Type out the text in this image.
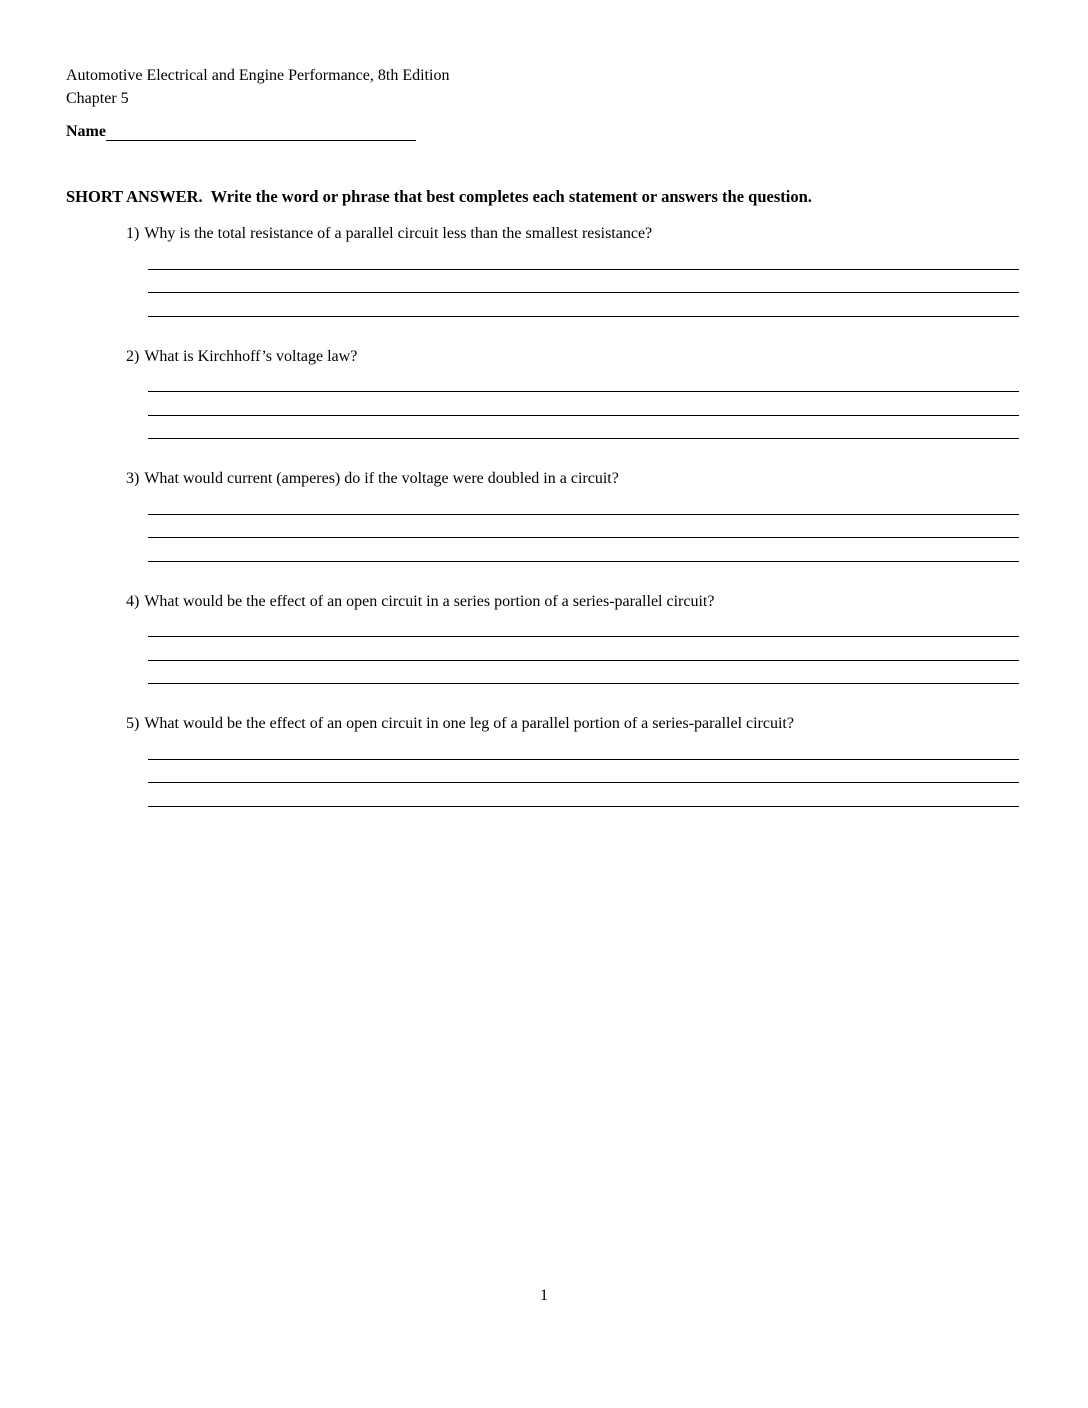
Automotive Electrical and Engine Performance, 8th Edition
Chapter 5
Name
SHORT ANSWER.  Write the word or phrase that best completes each statement or answers the question.
1) Why is the total resistance of a parallel circuit less than the smallest resistance?
2) What is Kirchhoff’s voltage law?
3) What would current (amperes) do if the voltage were doubled in a circuit?
4) What would be the effect of an open circuit in a series portion of a series-parallel circuit?
5) What would be the effect of an open circuit in one leg of a parallel portion of a series-parallel circuit?
1
